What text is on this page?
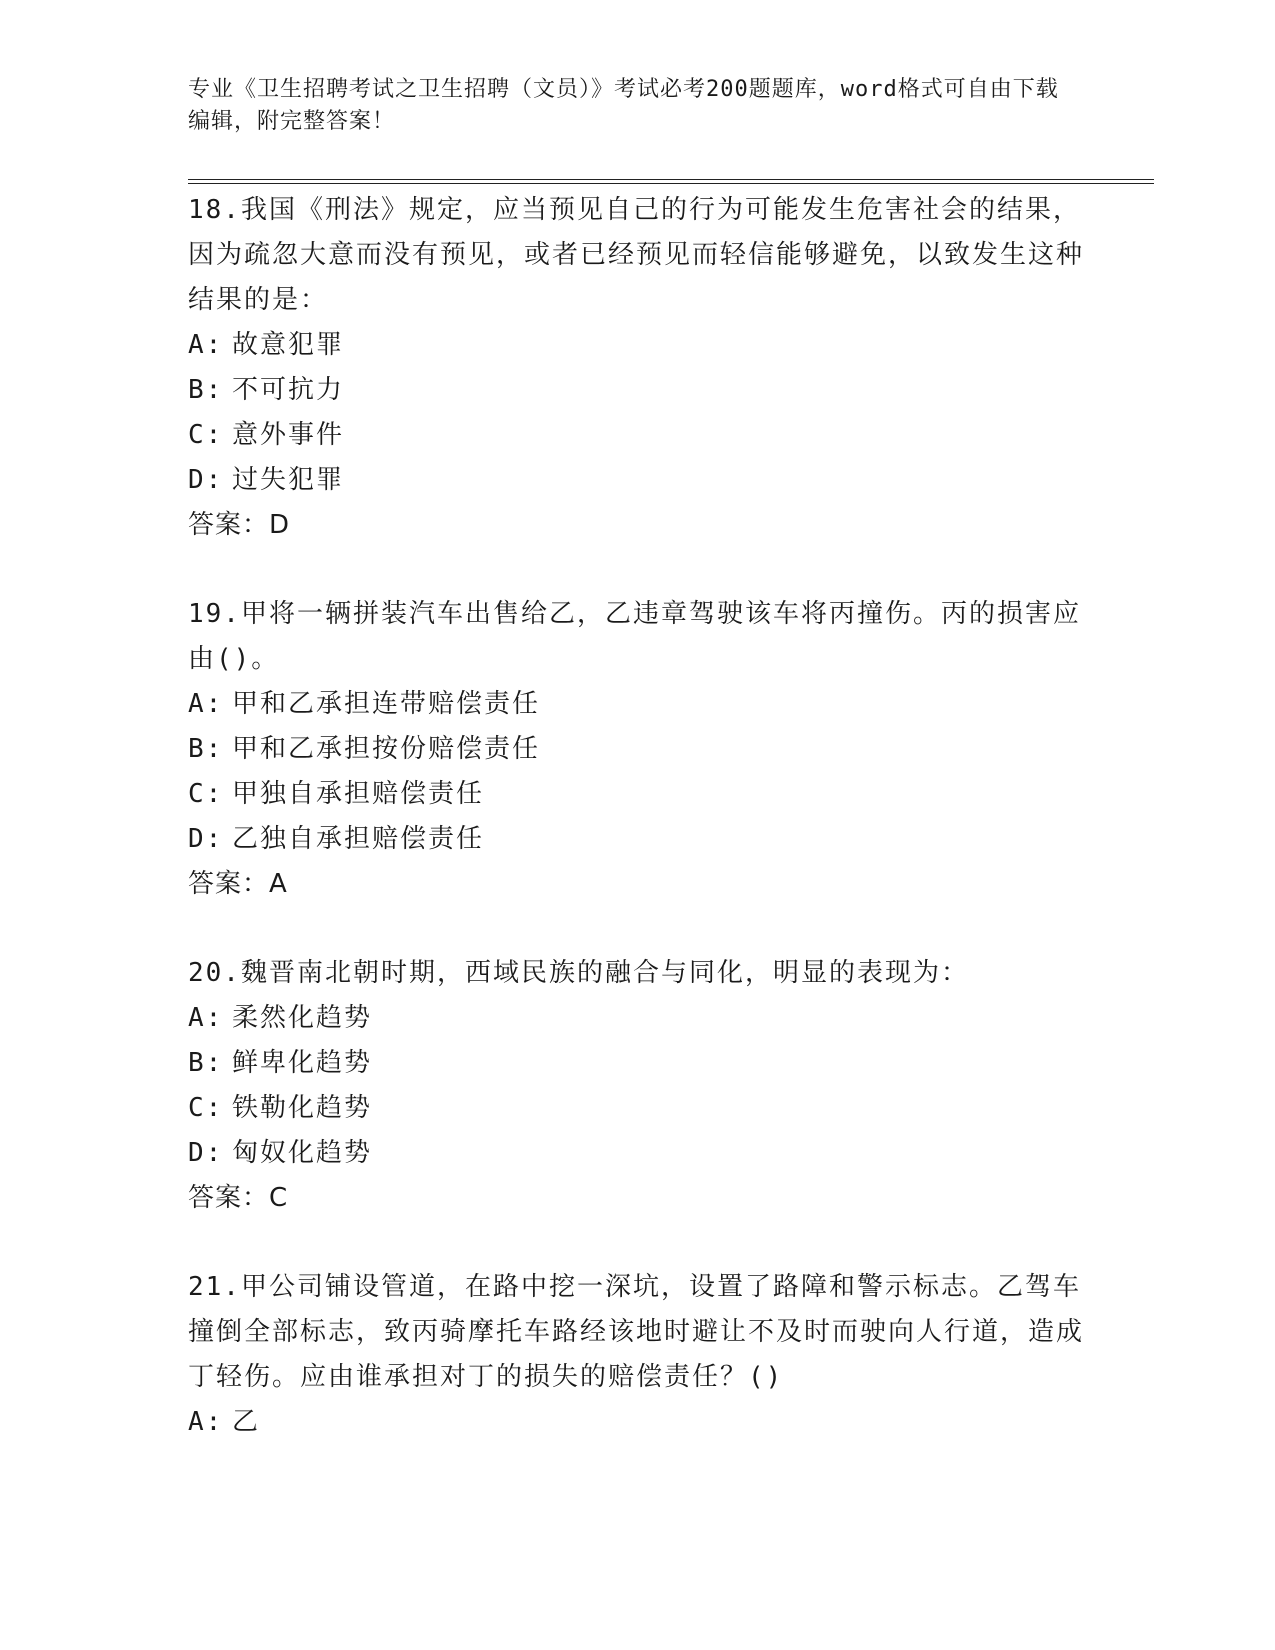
专业《卫生招聘考试之卫生招聘（文员）》考试必考200题题库，word格式可自由下载编辑，附完整答案！

18.我国《刑法》规定，应当预见自己的行为可能发生危害社会的结果，因为疏忽大意而没有预见，或者已经预见而轻信能够避免，以致发生这种结果的是：

A: 故意犯罪

B: 不可抗力

C: 意外事件

D: 过失犯罪

答案：D

19.甲将一辆拼装汽车出售给乙，乙违章驾驶该车将丙撞伤。丙的损害应由()。

A: 甲和乙承担连带赔偿责任

B: 甲和乙承担按份赔偿责任

C: 甲独自承担赔偿责任

D: 乙独自承担赔偿责任

答案：A

20.魏晋南北朝时期，西域民族的融合与同化，明显的表现为：

A: 柔然化趋势

B: 鲜卑化趋势

C: 铁勒化趋势

D: 匈奴化趋势

答案：C

21.甲公司铺设管道，在路中挖一深坑，设置了路障和警示标志。乙驾车撞倒全部标志，致丙骑摩托车路经该地时避让不及时而驶向人行道，造成丁轻伤。应由谁承担对丁的损失的赔偿责任？()

A: 乙
